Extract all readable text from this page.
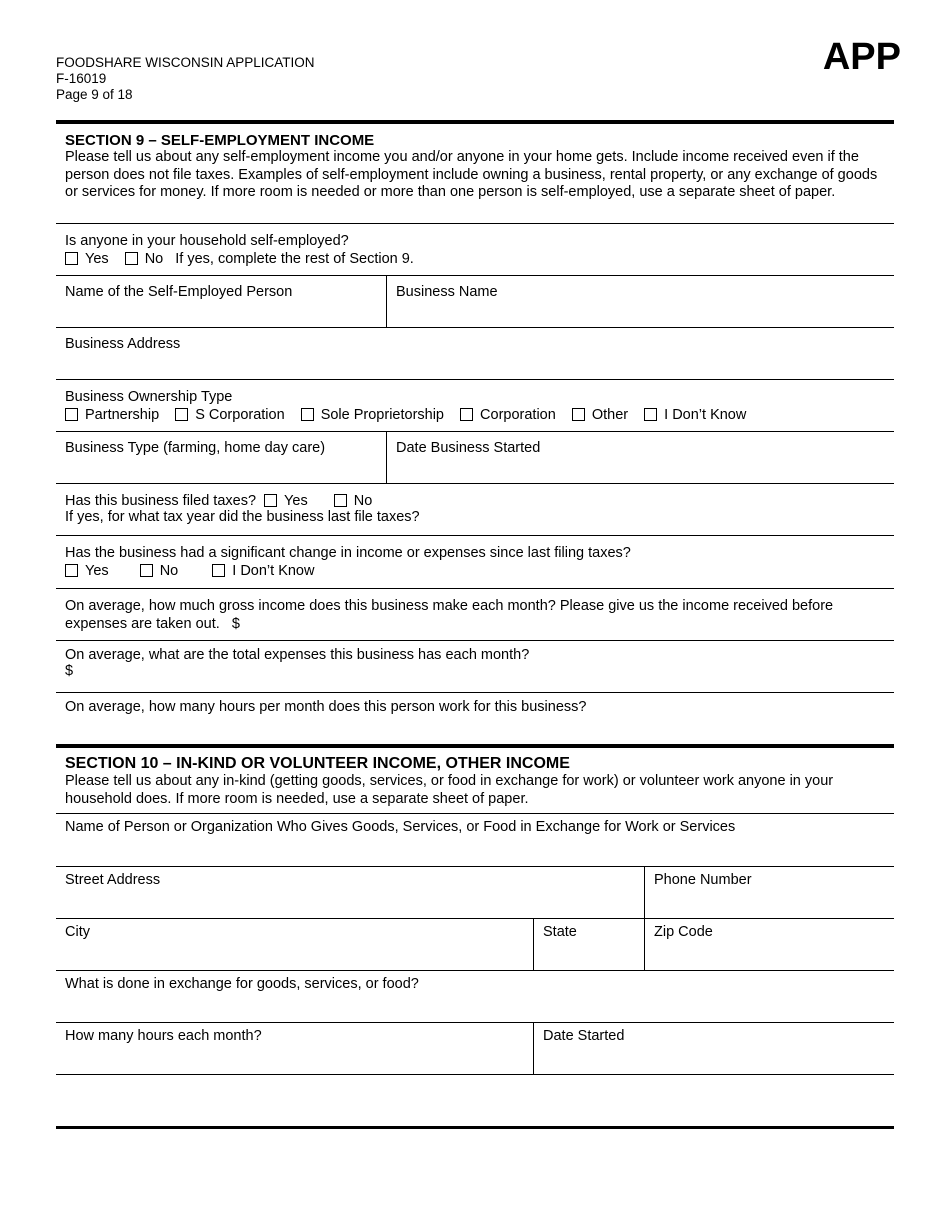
FOODSHARE WISCONSIN APPLICATION
F-16019
Page 9 of 18
APP
SECTION 9 – SELF-EMPLOYMENT INCOME
Please tell us about any self-employment income you and/or anyone in your home gets. Include income received even if the person does not file taxes. Examples of self-employment include owning a business, rental property, or any exchange of goods or services for money. If more room is needed or more than one person is self-employed, use a separate sheet of paper.
Is anyone in your household self-employed?
Yes No If yes, complete the rest of Section 9.
Name of the Self-Employed Person	Business Name
Business Address
Business Ownership Type
Partnership S Corporation Sole Proprietorship Corporation Other I Don’t Know
Business Type (farming, home day care)	Date Business Started
Has this business filed taxes? Yes	No
If yes, for what tax year did the business last file taxes?
Has the business had a significant change in income or expenses since last filing taxes?
Yes	No	I Don’t Know
On average, how much gross income does this business make each month? Please give us the income received before expenses are taken out. $
On average, what are the total expenses this business has each month?
$
On average, how many hours per month does this person work for this business?
SECTION 10 – IN-KIND OR VOLUNTEER INCOME, OTHER INCOME
Please tell us about any in-kind (getting goods, services, or food in exchange for work) or volunteer work anyone in your household does. If more room is needed, use a separate sheet of paper.
Name of Person or Organization Who Gives Goods, Services, or Food in Exchange for Work or Services
Street Address	Phone Number
City	State	Zip Code
What is done in exchange for goods, services, or food?
How many hours each month?	Date Started
